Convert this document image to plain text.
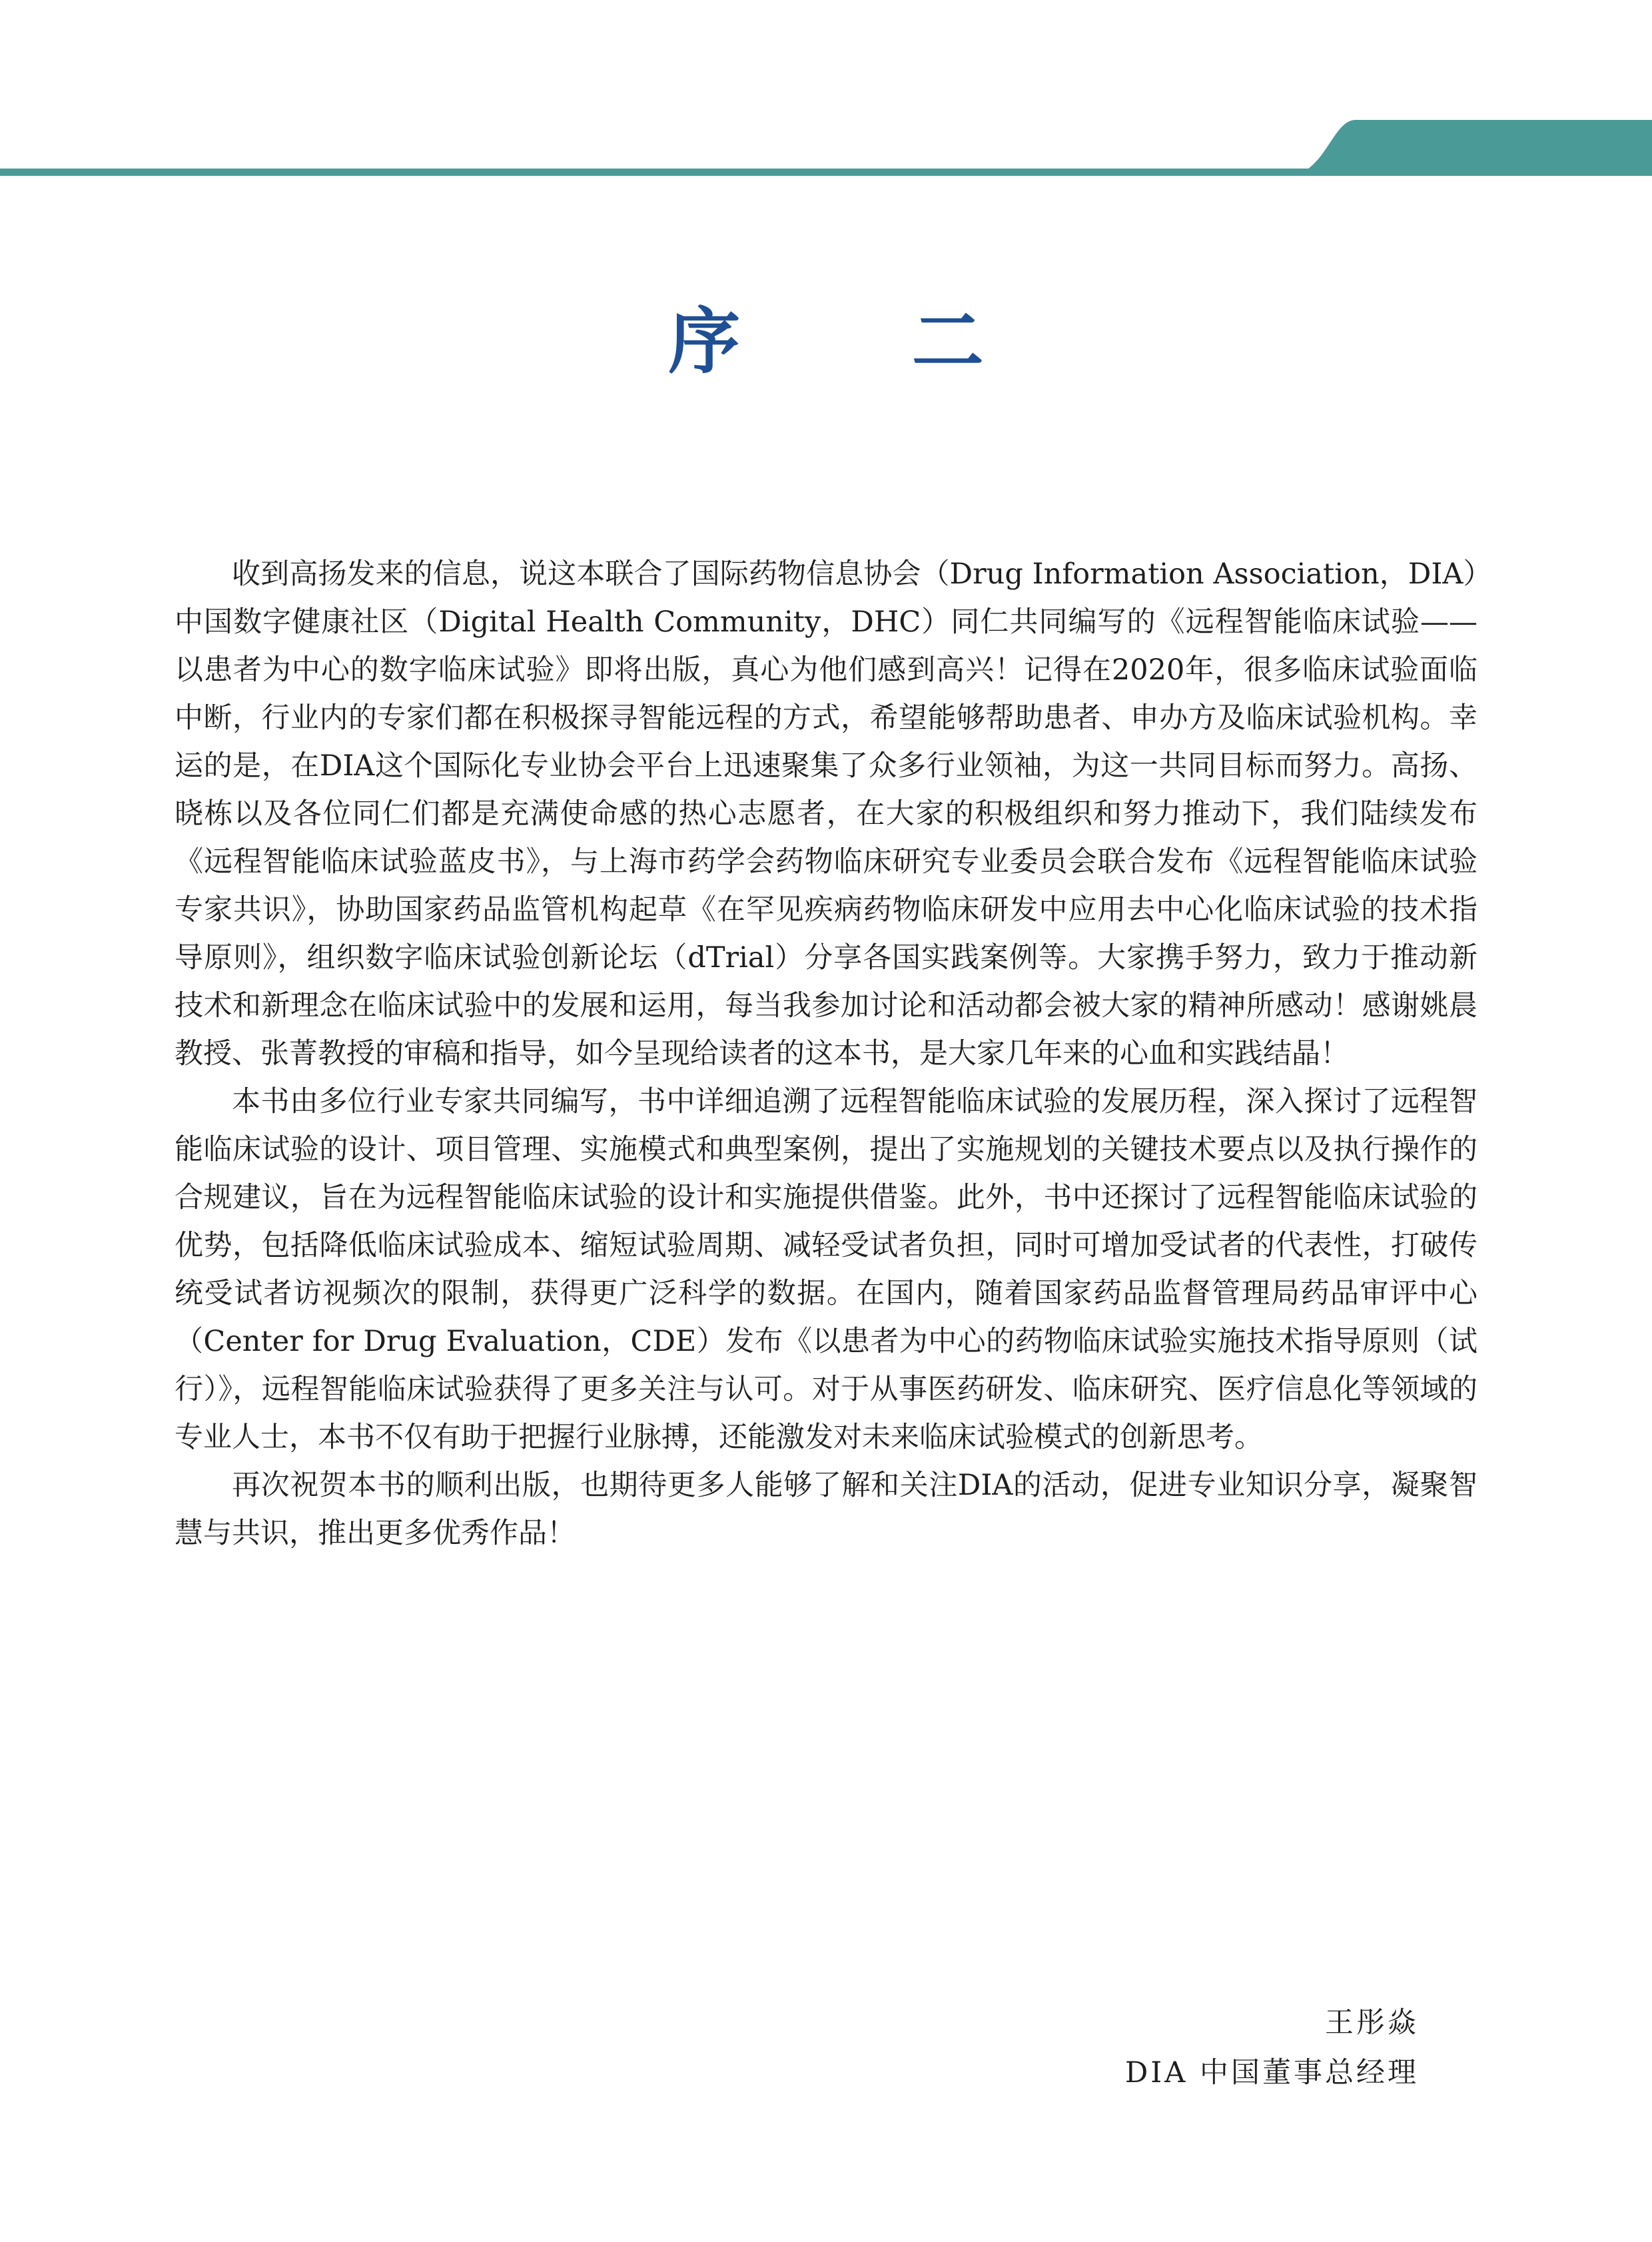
序 二

收到高扬发来的信息，说这本联合了国际药物信息协会（Drug Information Association，DIA）中国数字健康社区（Digital Health Community，DHC）同仁共同编写的《远程智能临床试验——以患者为中心的数字临床试验》即将出版，真心为他们感到高兴！记得在2020年，很多临床试验面临中断，行业内的专家们都在积极探寻智能远程的方式，希望能够帮助患者、申办方及临床试验机构。幸运的是，在DIA这个国际化专业协会平台上迅速聚集了众多行业领袖，为这一共同目标而努力。高扬、晓栋以及各位同仁们都是充满使命感的热心志愿者，在大家的积极组织和努力推动下，我们陆续发布《远程智能临床试验蓝皮书》，与上海市药学会药物临床研究专业委员会联合发布《远程智能临床试验专家共识》，协助国家药品监管机构起草《在罕见疾病药物临床研发中应用去中心化临床试验的技术指导原则》，组织数字临床试验创新论坛（dTrial）分享各国实践案例等。大家携手努力，致力于推动新技术和新理念在临床试验中的发展和运用，每当我参加讨论和活动都会被大家的精神所感动！感谢姚晨教授、张菁教授的审稿和指导，如今呈现给读者的这本书，是大家几年来的心血和实践结晶！

本书由多位行业专家共同编写，书中详细追溯了远程智能临床试验的发展历程，深入探讨了远程智能临床试验的设计、项目管理、实施模式和典型案例，提出了实施规划的关键技术要点以及执行操作的合规建议，旨在为远程智能临床试验的设计和实施提供借鉴。此外，书中还探讨了远程智能临床试验的优势，包括降低临床试验成本、缩短试验周期、减轻受试者负担，同时可增加受试者的代表性，打破传统受试者访视频次的限制，获得更广泛科学的数据。在国内，随着国家药品监督管理局药品审评中心（Center for Drug Evaluation，CDE）发布《以患者为中心的药物临床试验实施技术指导原则（试行）》，远程智能临床试验获得了更多关注与认可。对于从事医药研发、临床研究、医疗信息化等领域的专业人士，本书不仅有助于把握行业脉搏，还能激发对未来临床试验模式的创新思考。

再次祝贺本书的顺利出版，也期待更多人能够了解和关注DIA的活动，促进专业知识分享，凝聚智慧与共识，推出更多优秀作品！

王彤焱
DIA 中国董事总经理
